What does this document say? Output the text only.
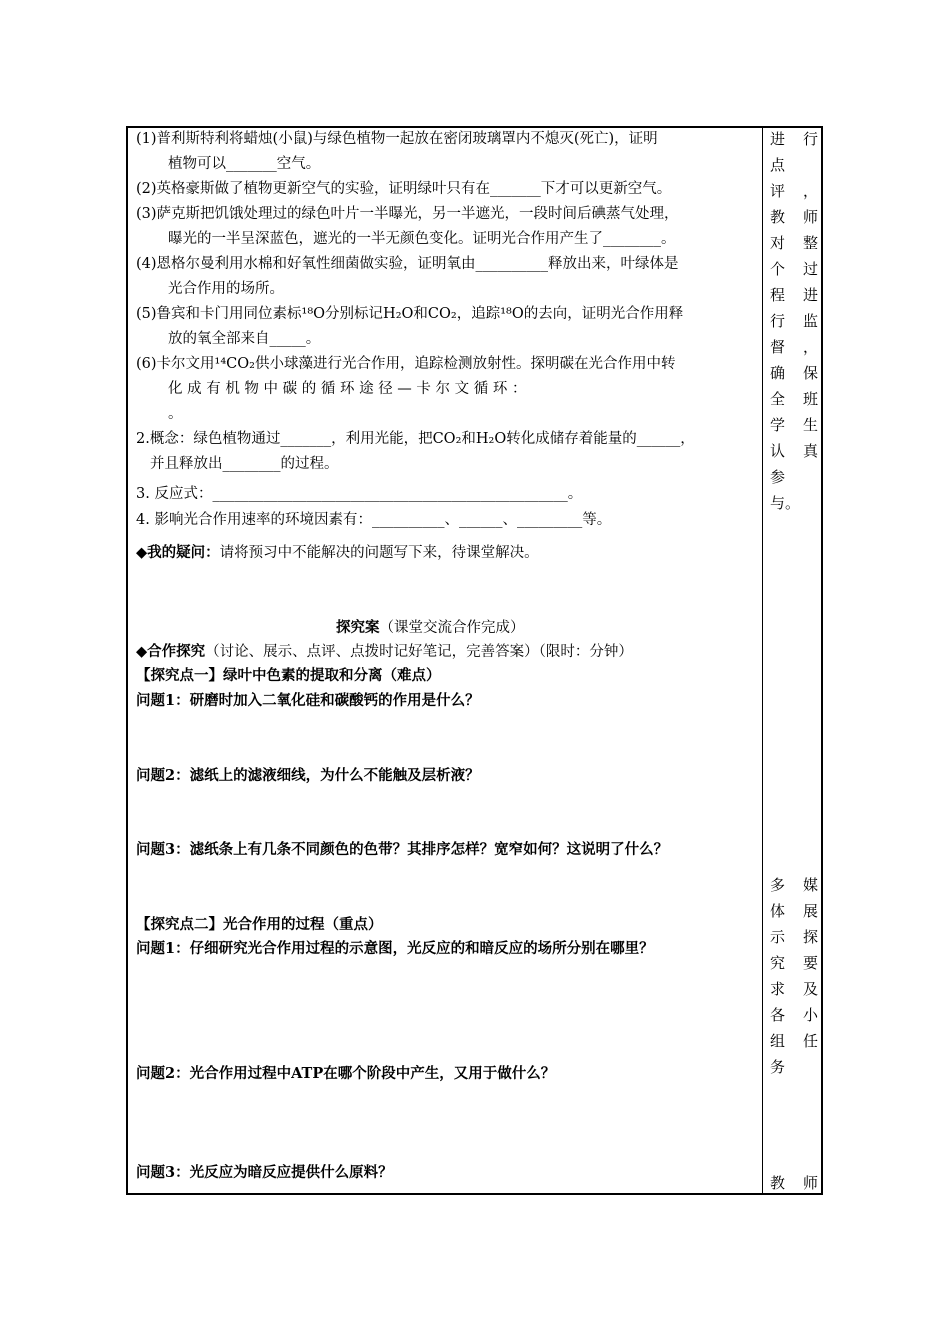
(1)普利斯特利将蜡烛(小鼠)与绿色植物一起放在密闭玻璃罩内不熄灭(死亡)，证明
植物可以_______空气。
(2)英格豪斯做了植物更新空气的实验，证明绿叶只有在_______下才可以更新空气。
(3)萨克斯把饥饿处理过的绿色叶片一半曝光，另一半遮光，一段时间后碘蒸气处理，
曝光的一半呈深蓝色，遮光的一半无颜色变化。证明光合作用产生了________。
(4)恩格尔曼利用水棉和好氧性细菌做实验，证明氧由__________释放出来，叶绿体是
光合作用的场所。
(5)鲁宾和卡门用同位素标¹⁸O分别标记H₂O和CO₂，追踪¹⁸O的去向，证明光合作用释
放的氧全部来自_____。
(6)卡尔文用¹⁴CO₂供小球藻进行光合作用，追踪检测放射性。探明碳在光合作用中转
化 成 有 机 物 中 碳 的 循 环 途 径 — 卡 尔 文 循 环 ：
。
2.概念：绿色植物通过_______，利用光能，把CO₂和H₂O转化成储存着能量的______，
并且释放出________的过程。
3. 反应式：_________________________________________________。
4. 影响光合作用速率的环境因素有：__________、______、_________等。
◆我的疑问：请将预习中不能解决的问题写下来，待课堂解决。
探究案（课堂交流合作完成）
◆合作探究（讨论、展示、点评、点拨时记好笔记，完善答案）（限时：分钟）
【探究点一】绿叶中色素的提取和分离（难点）
问题1：研磨时加入二氧化硅和碳酸钙的作用是什么？
问题2：滤纸上的滤液细线，为什么不能触及层析液？
问题3：滤纸条上有几条不同颜色的色带？其排序怎样？宽窄如何？这说明了什么？
【探究点二】光合作用的过程（重点）
问题1：仔细研究光合作用过程的示意图，光反应的和暗反应的场所分别在哪里？
问题2：光合作用过程中ATP在哪个阶段中产生，又用于做什么？
问题3：光反应为暗反应提供什么原料？
进 行
点
评 ，
教 师
对 整
个 过
程 进
行 监
督 ，
确 保
全 班
学 生
认 真
参
与。
多 媒
体 展
示 探
究 要
求 及
各 小
组 任
务
教 师
